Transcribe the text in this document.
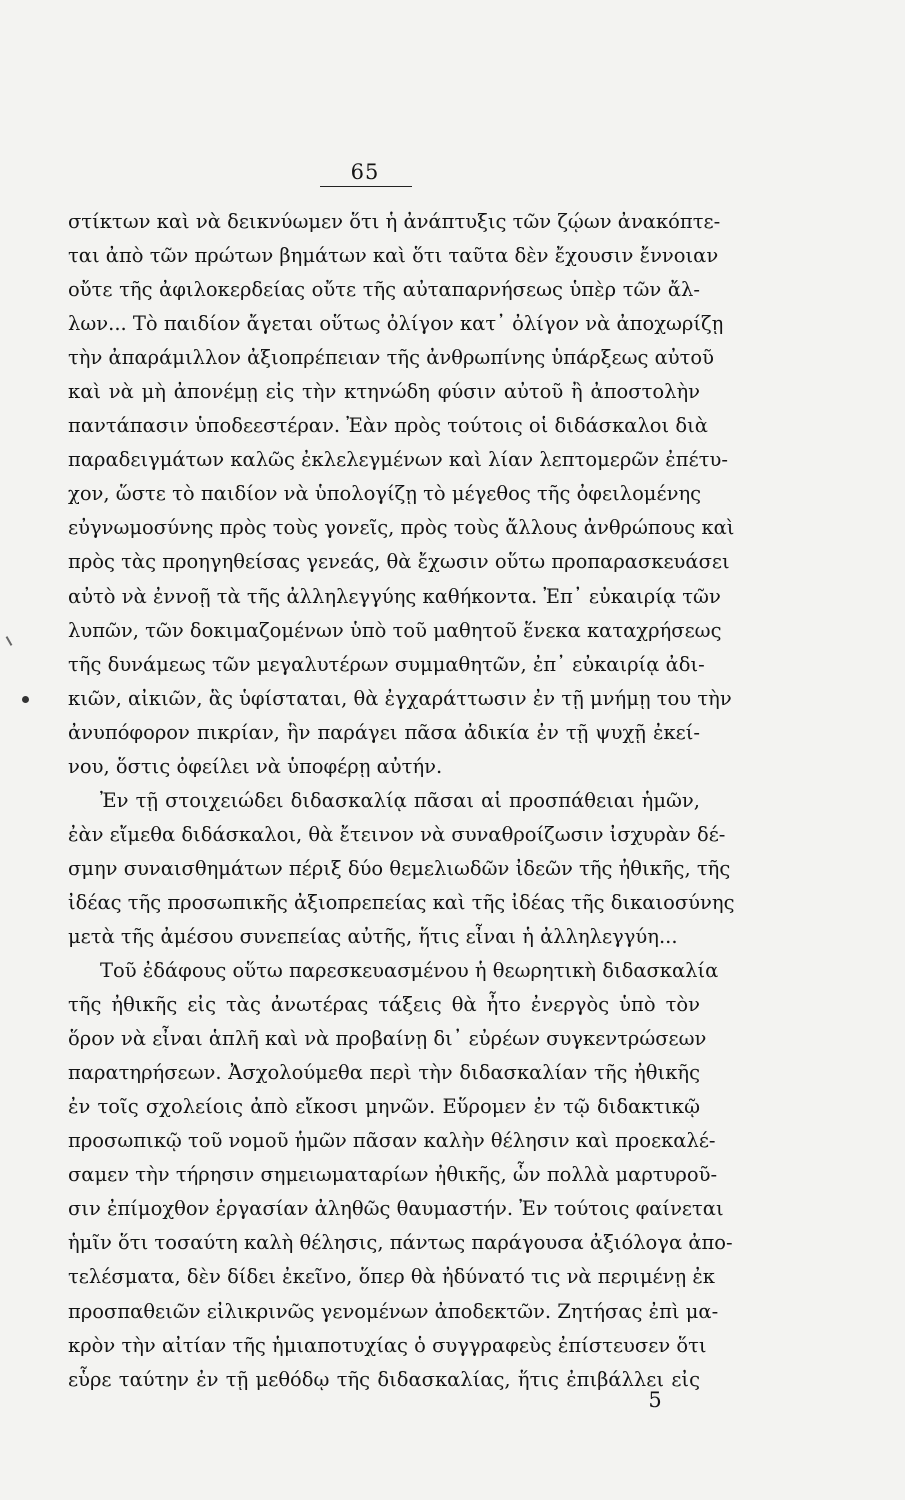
65
στίκτων καὶ νὰ δεικνύωμεν ὅτι ἡ ἀνάπτυξις τῶν ζῴων ἀνακόπτε-
ται ἀπὸ τῶν πρώτων βημάτων καὶ ὅτι ταῦτα δὲν ἔχουσιν ἔννοιαν
οὔτε τῆς ἀφιλοκερδείας οὔτε τῆς αὐταπαρνήσεως ὑπὲρ τῶν ἄλ-
λων... Τὸ παιδίον ἄγεται οὕτως ὀλίγον κατ᾽ ὀλίγον νὰ ἀποχωρίζῃ
τὴν ἀπαράμιλλον ἀξιοπρέπειαν τῆς ἀνθρωπίνης ὑπάρξεως αὐτοῦ
καὶ νὰ μὴ ἀπονέμῃ εἰς τὴν κτηνώδη φύσιν αὐτοῦ ἢ ἀποστολὴν
παντάπασιν ὑποδεεστέραν. Ἐὰν πρὸς τούτοις οἱ διδάσκαλοι διὰ
παραδειγμάτων καλῶς ἐκλελεγμένων καὶ λίαν λεπτομερῶν ἐπέτυ-
χον, ὥστε τὸ παιδίον νὰ ὑπολογίζῃ τὸ μέγεθος τῆς ὀφειλομένης
εὐγνωμοσύνης πρὸς τοὺς γονεῖς, πρὸς τοὺς ἄλλους ἀνθρώπους καὶ
πρὸς τὰς προηγηθείσας γενεάς, θὰ ἔχωσιν οὕτω προπαρασκευάσει
αὐτὸ νὰ ἐννοῇ τὰ τῆς ἀλληλεγγύης καθήκοντα. Ἐπ᾽ εὐκαιρίᾳ τῶν
λυπῶν, τῶν δοκιμαζομένων ὑπὸ τοῦ μαθητοῦ ἕνεκα καταχρήσεως
τῆς δυνάμεως τῶν μεγαλυτέρων συμμαθητῶν, ἐπ᾽ εὐκαιρίᾳ ἀδι-
κιῶν, αἰκιῶν, ἃς ὑφίσταται, θὰ ἐγχαράττωσιν ἐν τῇ μνήμῃ του τὴν
ἀνυπόφορον πικρίαν, ἣν παράγει πᾶσα ἀδικία ἐν τῇ ψυχῇ ἐκεί-
νου, ὅστις ὀφείλει νὰ ὑποφέρῃ αὐτήν.
Ἐν τῇ στοιχειώδει διδασκαλίᾳ πᾶσαι αἱ προσπάθειαι ἡμῶν,
ἐὰν εἴμεθα διδάσκαλοι, θὰ ἔτεινον νὰ συναθροίζωσιν ἰσχυρὰν δέ-
σμην συναισθημάτων πέριξ δύο θεμελιωδῶν ἰδεῶν τῆς ἠθικῆς, τῆς
ἰδέας τῆς προσωπικῆς ἀξιοπρεπείας καὶ τῆς ἰδέας τῆς δικαιοσύνης
μετὰ τῆς ἀμέσου συνεπείας αὐτῆς, ἥτις εἶναι ἡ ἀλληλεγγύη...
Τοῦ ἐδάφους οὕτω παρεσκευασμένου ἡ θεωρητικὴ διδασκαλία
τῆς ἠθικῆς εἰς τὰς ἀνωτέρας τάξεις θὰ ἦτο ἐνεργὸς ὑπὸ τὸν
ὅρον νὰ εἶναι ἁπλῆ καὶ νὰ προβαίνῃ δι᾽ εὐρέων συγκεντρώσεων
παρατηρήσεων. Ἀσχολούμεθα περὶ τὴν διδασκαλίαν τῆς ἠθικῆς
ἐν τοῖς σχολείοις ἀπὸ εἴκοσι μηνῶν. Εὕρομεν ἐν τῷ διδακτικῷ
προσωπικῷ τοῦ νομοῦ ἡμῶν πᾶσαν καλὴν θέλησιν καὶ προεκαλέ-
σαμεν τὴν τήρησιν σημειωματαρίων ἠθικῆς, ὧν πολλὰ μαρτυροῦ-
σιν ἐπίμοχθον ἐργασίαν ἀληθῶς θαυμαστήν. Ἐν τούτοις φαίνεται
ἡμῖν ὅτι τοσαύτη καλὴ θέλησις, πάντως παράγουσα ἀξιόλογα ἀπο-
τελέσματα, δὲν δίδει ἐκεῖνο, ὅπερ θὰ ἠδύνατό τις νὰ περιμένῃ ἐκ
προσπαθειῶν εἰλικρινῶς γενομένων ἀποδεκτῶν. Ζητήσας ἐπὶ μα-
κρὸν τὴν αἰτίαν τῆς ἡμιαποτυχίας ὁ συγγραφεὺς ἐπίστευσεν ὅτι
εὗρε ταύτην ἐν τῇ μεθόδῳ τῆς διδασκαλίας, ἥτις ἐπιβάλλει εἰς
5
